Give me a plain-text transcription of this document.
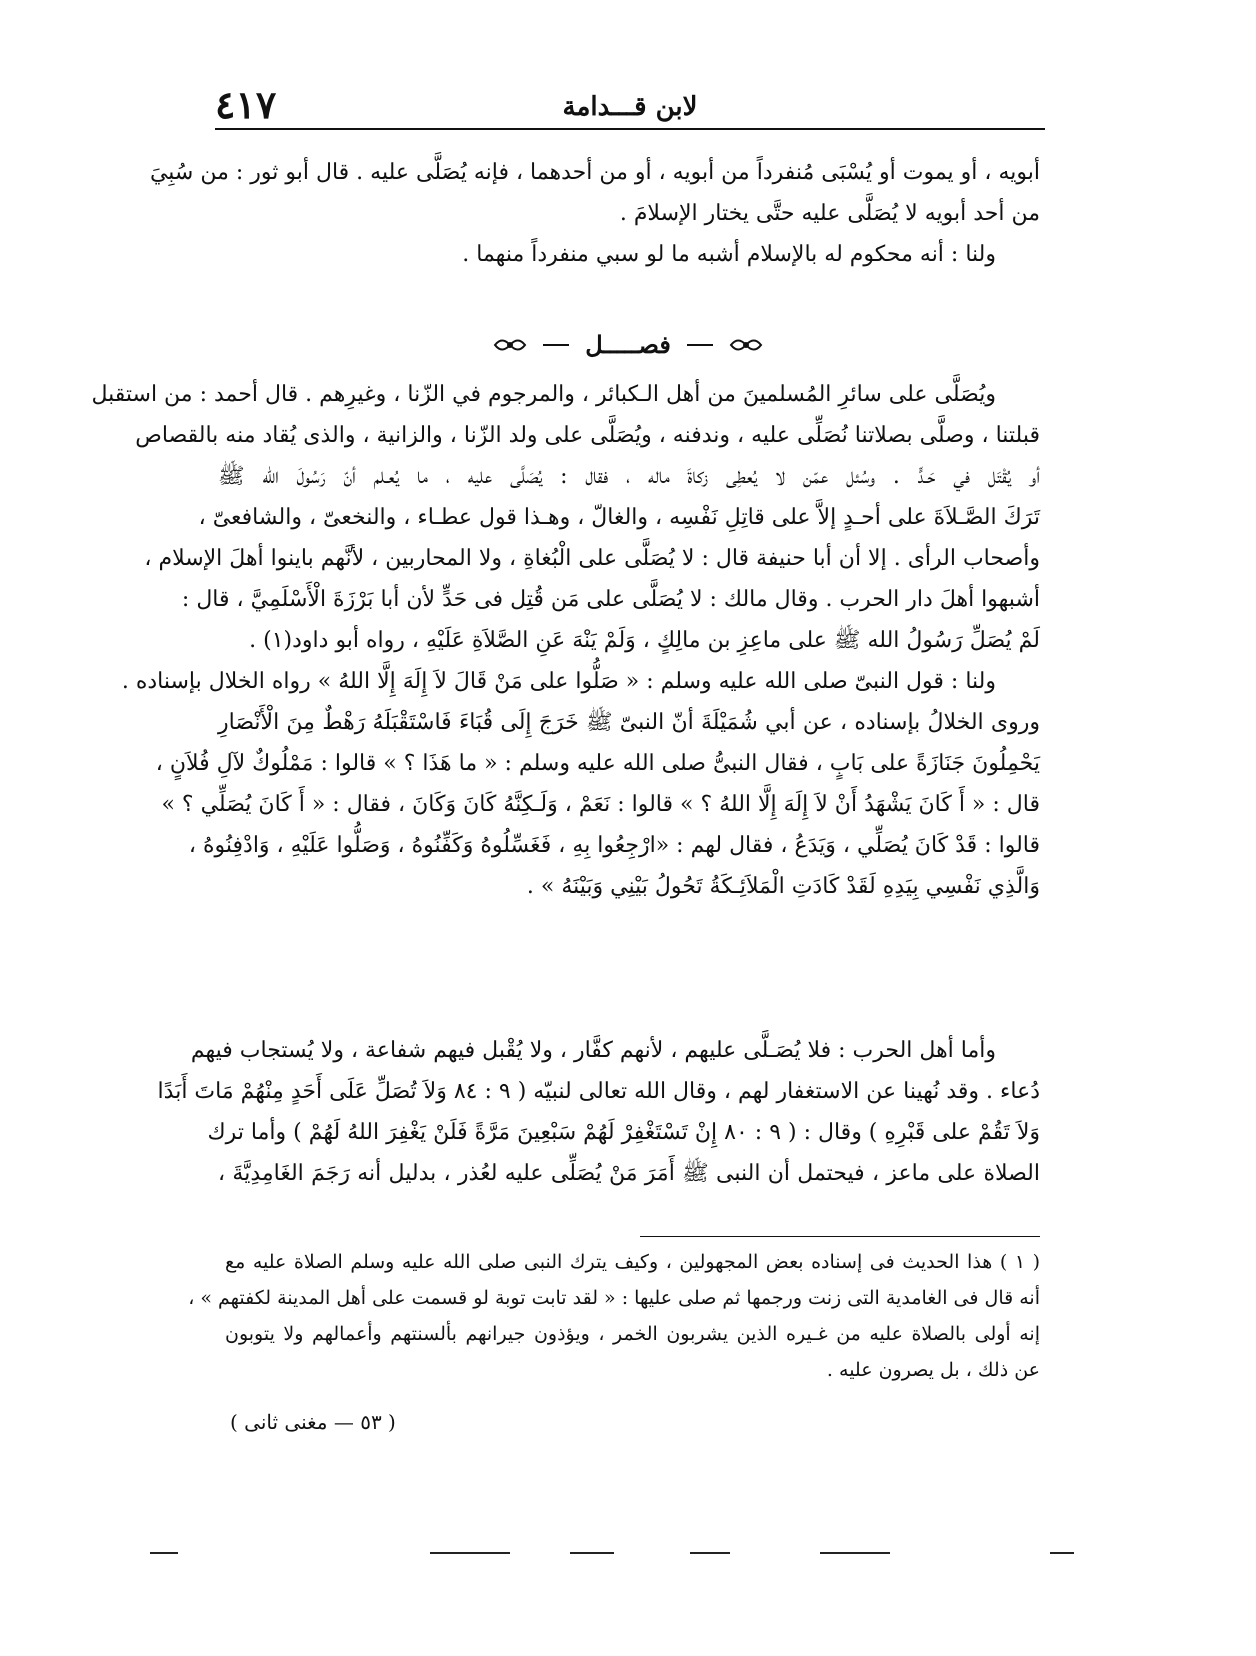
٤١٧	لابن قـــدامة
أبويه ، أو يموت أو يُسْبَى مُنفرداً من أبويه ، أو من أحدهما ، فإنه يُصَلَّى عليه . قال أبو ثور : من سُبِيَ
من أحد أبويه لا يُصَلَّى عليه حتَّى يختار الإسلامَ .
ولنا : أنه محكوم له بالإسلام أشبه ما لو سبي منفرداً منهما .
فصـــــل
ويُصَلَّى على سائرِ المُسلمينَ من أهل الـكبائر ، والمرجوم في الزّنا ، وغيرِهم . قال أحمد : من استقبل
قبلتنا ، وصلَّى بصلاتنا نُصَلِّى عليه ، وندفنه ، ويُصَلَّى على ولد الزّنا ، والزانية ، والذى يُقاد منه بالقصاص
أو يُقْتَل في حَـدٍّ . وسُئل عمّن لا يُعطِى زكاةَ ماله ، فقال : يُصَلَّى عليه ، ما يُعـلم أنّ رَسُولَ الله ﷺ
تَرَكَ الصَّـلاَةَ على أحـدٍ إلاَّ على قاتِلِ نَفْسِه ، والغالّ ، وهـذا قول عطـاء ، والنخعىّ ، والشافعىّ ،
وأصحاب الرأى . إلا أن أبا حنيفة قال : لا يُصَلَّى على الْبُغاةِ ، ولا المحاربين ، لأنَّهم باينوا أهلَ الإسلام ،
أشبهوا أهلَ دار الحرب . وقال مالك : لا يُصَلَّى على مَن قُتِل فى حَدٍّ لأن أبا بَرْزَةَ الْأَسْلَمِيَّ ، قال :
لَمْ يُصَلِّ رَسُولُ الله ﷺ على ماعِزِ بن مالِكٍ ، وَلَمْ يَنْهَ عَنِ الصَّلاَةِ عَلَيْهِ ، رواه أبو داود(١) .
ولنا : قول النبىّ صلى الله عليه وسلم : « صَلُّوا على مَنْ قَالَ لاَ إِلَهَ إِلَّا اللهُ » رواه الخلال بإسناده .
وروى الخلالُ بإسناده ، عن أبي شُمَيْلَةَ أنّ النبىّ ﷺ خَرَجَ إِلَى قُبَاءَ فَاسْتَقْبَلَهُ رَهْطٌ مِنَ الْأَنْصَارِ
يَحْمِلُونَ جَنَازَةً على بَابٍ ، فقال النبىُّ صلى الله عليه وسلم : « ما هَذَا ؟ » قالوا : مَمْلُوكٌ لآلِ فُلاَنٍ ،
قال : « أَ كَانَ يَشْهَدُ أَنْ لاَ إِلَهَ إِلَّا اللهُ ؟ » قالوا : نَعَمْ ، وَلَـكِنَّهُ كَانَ وَكَانَ ، فقال : « أَ كَانَ يُصَلِّي ؟ »
قالوا : قَدْ كَانَ يُصَلِّي ، وَيَدَعُ ، فقال لهم : «ارْجِعُوا بِهِ ، فَغَسِّلُوهُ وَكَفِّنُوهُ ، وَصَلُّوا عَلَيْهِ ، وَادْفِنُوهُ ،
وَالَّذِي نَفْسِي بِيَدِهِ لَقَدْ كَادَتِ الْمَلاَئِـكَةُ تَحُولُ بَيْنِي وَبَيْنَهُ » .
وأما أهل الحرب : فلا يُصَـلَّى عليهم ، لأنهم كفَّار ، ولا يُقْبل فيهم شفاعة ، ولا يُستجاب فيهم
دُعاء . وقد نُهينا عن الاستغفار لهم ، وقال الله تعالى لنبيّه ( ٩ : ٨٤ وَلاَ تُصَلِّ عَلَى أَحَدٍ مِنْهُمْ مَاتَ أَبَدًا
وَلاَ تَقُمْ على قَبْرِهِ ) وقال : ( ٩ : ٨٠ إِنْ تَسْتَغْفِرْ لَهُمْ سَبْعِينَ مَرَّةً فَلَنْ يَغْفِرَ اللهُ لَهُمْ ) وأما ترك
الصلاة على ماعز ، فيحتمل أن النبى ﷺ أَمَرَ مَنْ يُصَلِّى عليه لعُذر ، بدليل أنه رَجَمَ الغَامِدِيَّةَ ،
( ١ ) هذا الحديث فى إسناده بعض المجهولين ، وكيف يترك النبى صلى الله عليه وسلم الصلاة عليه مع
أنه قال فى الغامدية التى زنت ورجمها ثم صلى عليها : « لقد تابت توبة لو قسمت على أهل المدينة لكفتهم » ،
إنه أولى بالصلاة عليه من غـيره الذين يشربون الخمر ، ويؤذون جيرانهم بألسنتهم وأعمالهم ولا يتوبون
عن ذلك ، بل يصرون عليه .
( ٥٣ — مغنى ثانى )
